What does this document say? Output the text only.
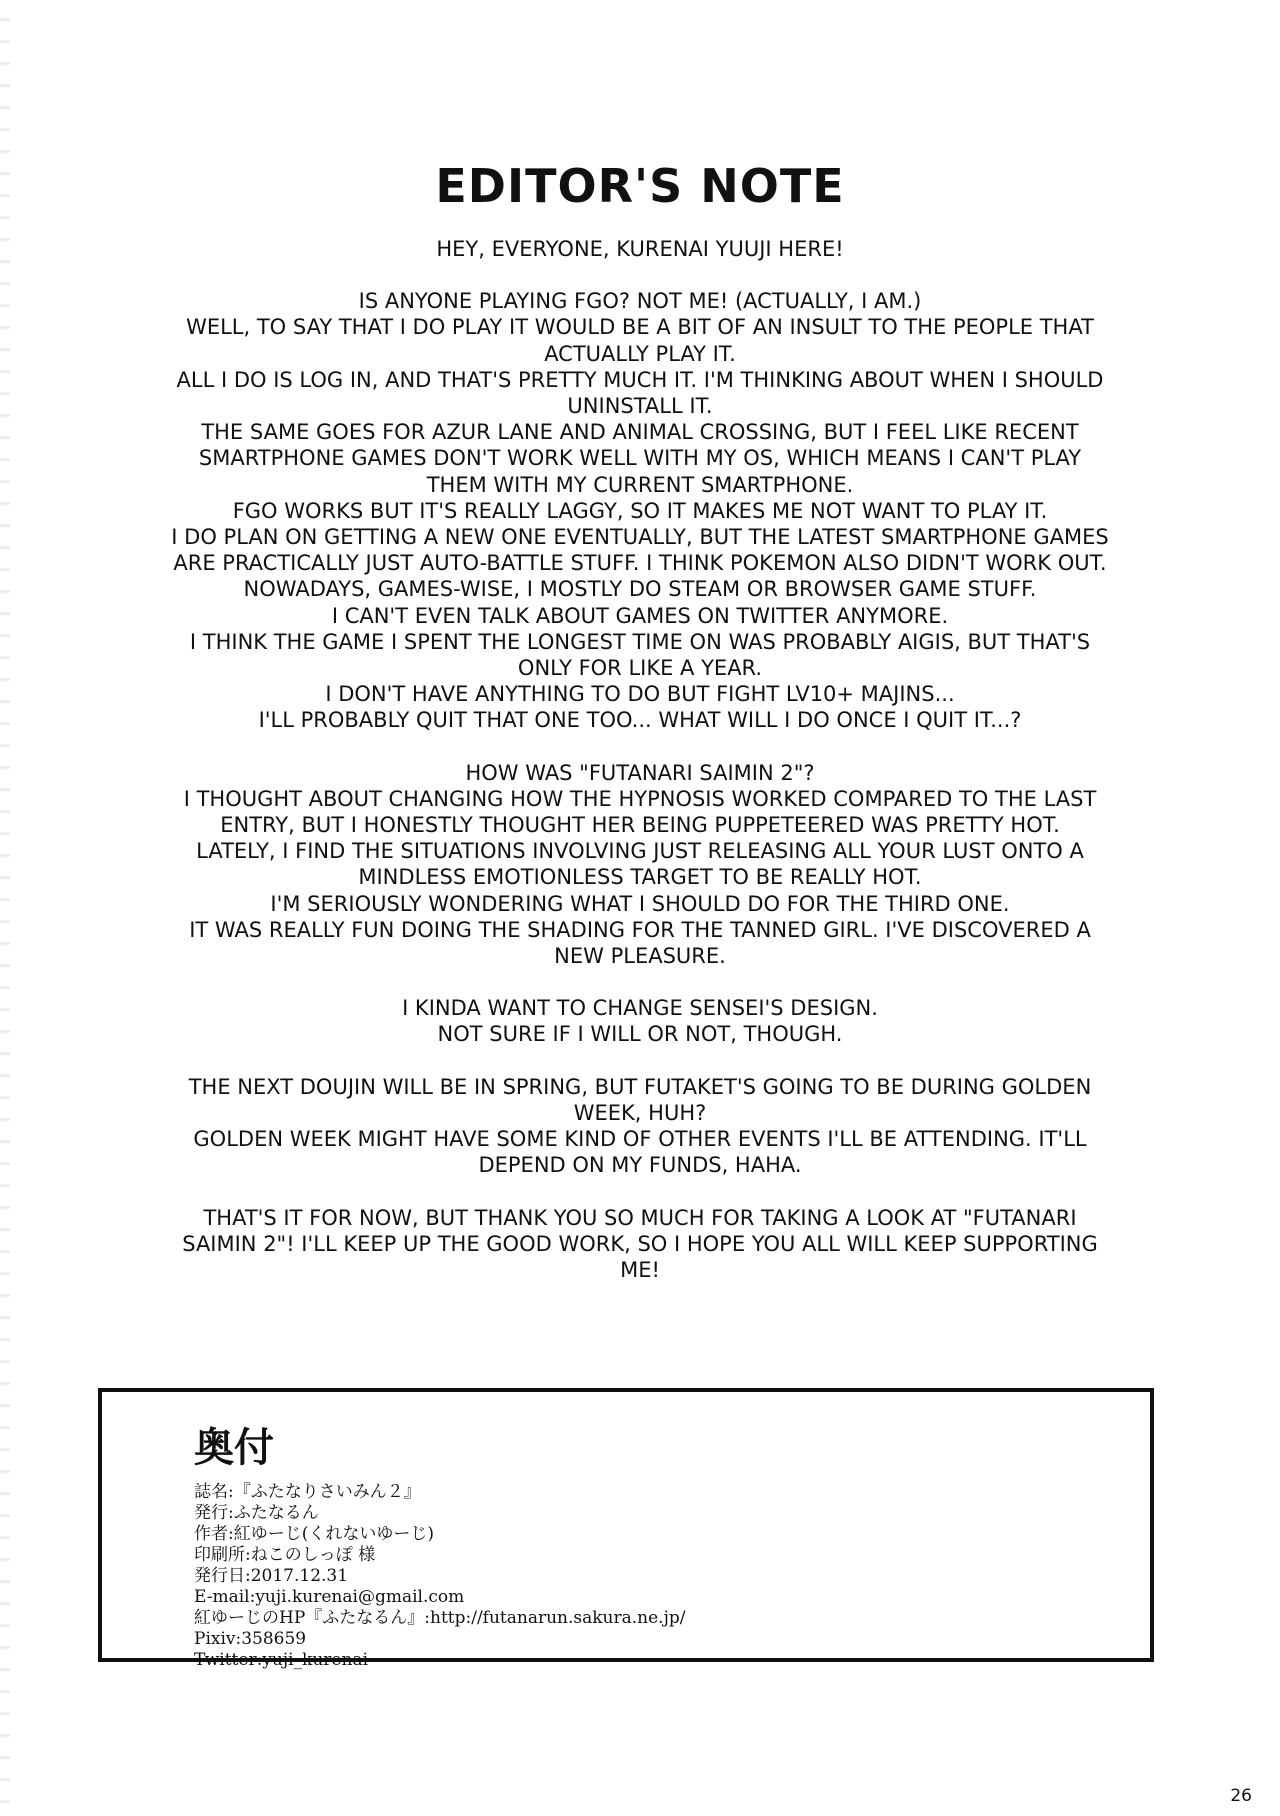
EDITOR'S NOTE

HEY, EVERYONE, KURENAI YUUJI HERE!

IS ANYONE PLAYING FGO? NOT ME! (ACTUALLY, I AM.)
WELL, TO SAY THAT I DO PLAY IT WOULD BE A BIT OF AN INSULT TO THE PEOPLE THAT ACTUALLY PLAY IT.
ALL I DO IS LOG IN, AND THAT'S PRETTY MUCH IT. I'M THINKING ABOUT WHEN I SHOULD UNINSTALL IT.
THE SAME GOES FOR AZUR LANE AND ANIMAL CROSSING, BUT I FEEL LIKE RECENT SMARTPHONE GAMES DON'T WORK WELL WITH MY OS, WHICH MEANS I CAN'T PLAY THEM WITH MY CURRENT SMARTPHONE.
FGO WORKS BUT IT'S REALLY LAGGY, SO IT MAKES ME NOT WANT TO PLAY IT.
I DO PLAN ON GETTING A NEW ONE EVENTUALLY, BUT THE LATEST SMARTPHONE GAMES ARE PRACTICALLY JUST AUTO-BATTLE STUFF. I THINK POKEMON ALSO DIDN'T WORK OUT.
NOWADAYS, GAMES-WISE, I MOSTLY DO STEAM OR BROWSER GAME STUFF.
I CAN'T EVEN TALK ABOUT GAMES ON TWITTER ANYMORE.
I THINK THE GAME I SPENT THE LONGEST TIME ON WAS PROBABLY AIGIS, BUT THAT'S ONLY FOR LIKE A YEAR.
I DON'T HAVE ANYTHING TO DO BUT FIGHT LV10+ MAJINS...
I'LL PROBABLY QUIT THAT ONE TOO... WHAT WILL I DO ONCE I QUIT IT...?

HOW WAS "FUTANARI SAIMIN 2"?
I THOUGHT ABOUT CHANGING HOW THE HYPNOSIS WORKED COMPARED TO THE LAST ENTRY, BUT I HONESTLY THOUGHT HER BEING PUPPETEERED WAS PRETTY HOT.
LATELY, I FIND THE SITUATIONS INVOLVING JUST RELEASING ALL YOUR LUST ONTO A MINDLESS EMOTIONLESS TARGET TO BE REALLY HOT.
I'M SERIOUSLY WONDERING WHAT I SHOULD DO FOR THE THIRD ONE.
IT WAS REALLY FUN DOING THE SHADING FOR THE TANNED GIRL. I'VE DISCOVERED A NEW PLEASURE.

I KINDA WANT TO CHANGE SENSEI'S DESIGN.
NOT SURE IF I WILL OR NOT, THOUGH.

THE NEXT DOUJIN WILL BE IN SPRING, BUT FUTAKET'S GOING TO BE DURING GOLDEN WEEK, HUH?
GOLDEN WEEK MIGHT HAVE SOME KIND OF OTHER EVENTS I'LL BE ATTENDING. IT'LL DEPEND ON MY FUNDS, HAHA.

THAT'S IT FOR NOW, BUT THANK YOU SO MUCH FOR TAKING A LOOK AT "FUTANARI SAIMIN 2"! I'LL KEEP UP THE GOOD WORK, SO I HOPE YOU ALL WILL KEEP SUPPORTING ME!

奥付
誌名:『ふたなりさいみん２』
発行:ふたなるん
作者:紅ゆーじ(くれないゆーじ)
印刷所:ねこのしっぽ 様
発行日:2017.12.31
E-mail:yuji.kurenai@gmail.com
紅ゆーじのHP『ふたなるん』:http://futanarun.sakura.ne.jp/
Pixiv:358659
Twitter:yuji_kurenai
26
